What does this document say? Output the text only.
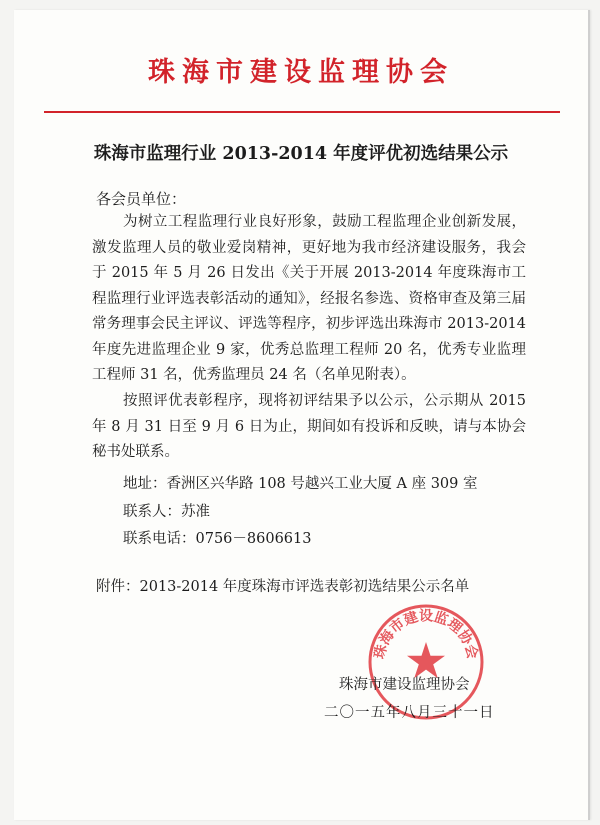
珠海市建设监理协会
珠海市监理行业 2013-2014 年度评优初选结果公示
各会员单位：
为树立工程监理行业良好形象，鼓励工程监理企业创新发展，激发监理人员的敬业爱岗精神，更好地为我市经济建设服务，我会于 2015 年 5 月 26 日发出《关于开展 2013-2014 年度珠海市工程监理行业评选表彰活动的通知》，经报名参选、资格审查及第三届常务理事会民主评议、评选等程序，初步评选出珠海市 2013-2014 年度先进监理企业 9 家，优秀总监理工程师 20 名，优秀专业监理工程师 31 名，优秀监理员 24 名（名单见附表）。
按照评优表彰程序，现将初评结果予以公示，公示期从 2015 年 8 月 31 日至 9 月 6 日为止，期间如有投诉和反映，请与本协会秘书处联系。
地址：香洲区兴华路 108 号越兴工业大厦 A 座 309 室
联系人：苏准
联系电话：0756－8606613
附件：2013-2014 年度珠海市评选表彰初选结果公示名单
珠海市建设监理协会
珠海市建设监理协会
二〇一五年八月三十一日
